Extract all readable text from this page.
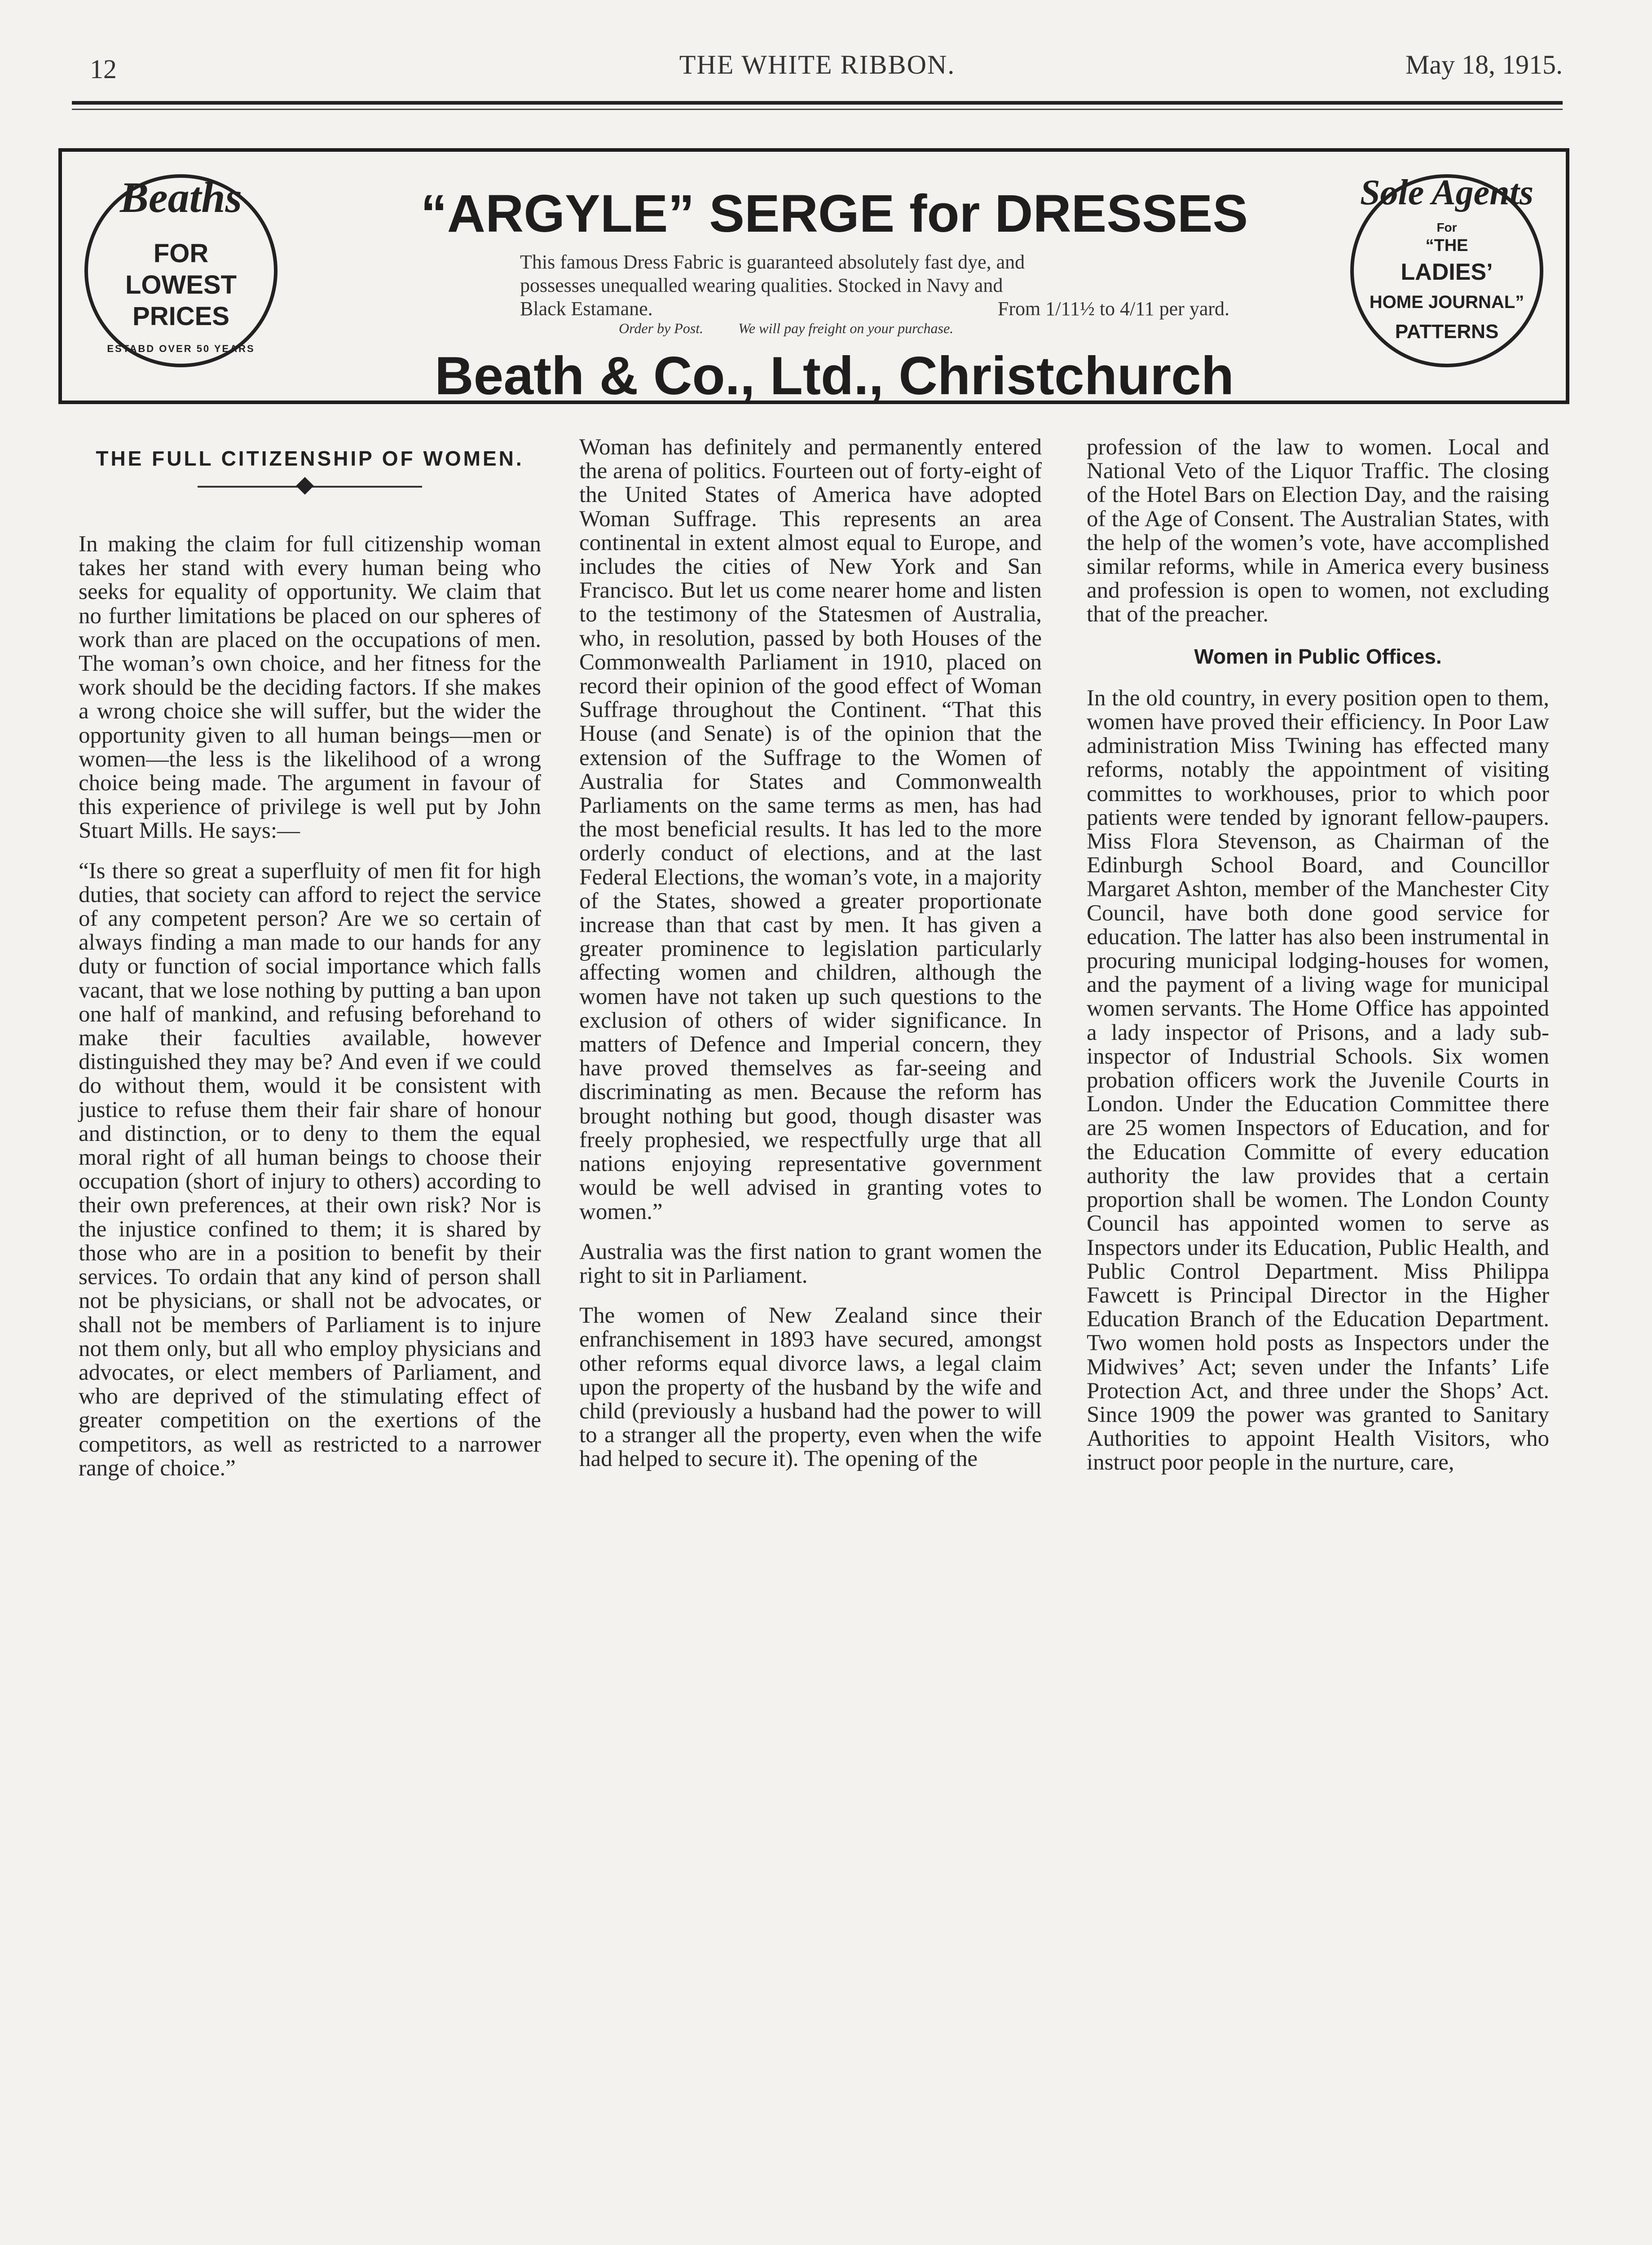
12	THE WHITE RIBBON.	May 18, 1915.
Beaths
FOR
LOWEST
PRICES
ESTABD OVER 50 YEARS
“ARGYLE” SERGE for DRESSES
This famous Dress Fabric is guaranteed absolutely fast dye, and
possesses unequalled wearing qualities. Stocked in Navy and
Black Estamane.	From 1/11½ to 4/11 per yard.
Order by Post. We will pay freight on your purchase.
Beath & Co., Ltd., Christchurch
Sole Agents
For
“THE
LADIES’
HOME JOURNAL”
PATTERNS
THE FULL CITIZENSHIP OF WOMEN.

In making the claim for full citizenship woman takes her stand with every human being who seeks for equality of opportunity. We claim that no further limitations be placed on our spheres of work than are placed on the occupations of men. The woman’s own choice, and her fitness for the work should be the deciding factors. If she makes a wrong choice she will suffer, but the wider the opportunity given to all human beings—men or women—the less is the likelihood of a wrong choice being made. The argument in favour of this experience of privilege is well put by John Stuart Mills. He says:—

“Is there so great a superfluity of men fit for high duties, that society can afford to reject the service of any competent person? Are we so certain of always finding a man made to our hands for any duty or function of social importance which falls vacant, that we lose nothing by putting a ban upon one half of mankind, and refusing beforehand to make their faculties available, however distinguished they may be? And even if we could do without them, would it be consistent with justice to refuse them their fair share of honour and distinction, or to deny to them the equal moral right of all human beings to choose their occupation (short of injury to others) according to their own preferences, at their own risk? Nor is the injustice confined to them; it is shared by those who are in a position to benefit by their services. To ordain that any kind of person shall not be physicians, or shall not be advocates, or shall not be members of Parliament is to injure not them only, but all who employ physicians and advocates, or elect members of Parliament, and who are deprived of the stimulating effect of greater competition on the exertions of the competitors, as well as restricted to a narrower range of choice.”

Woman has definitely and permanently entered the arena of politics. Fourteen out of forty-eight of the United States of America have adopted Woman Suffrage. This represents an area continental in extent almost equal to Europe, and includes the cities of New York and San Francisco. But let us come nearer home and listen to the testimony of the Statesmen of Australia, who, in resolution, passed by both Houses of the Commonwealth Parliament in 1910, placed on record their opinion of the good effect of Woman Suffrage throughout the Continent. “That this House (and Senate) is of the opinion that the extension of the Suffrage to the Women of Australia for States and Commonwealth Parliaments on the same terms as men, has had the most beneficial results. It has led to the more orderly conduct of elections, and at the last Federal Elections, the woman’s vote, in a majority of the States, showed a greater proportionate increase than that cast by men. It has given a greater prominence to legislation particularly affecting women and children, although the women have not taken up such questions to the exclusion of others of wider significance. In matters of Defence and Imperial concern, they have proved themselves as far-seeing and discriminating as men. Because the reform has brought nothing but good, though disaster was freely prophesied, we respectfully urge that all nations enjoying representative government would be well advised in granting votes to women.”

Australia was the first nation to grant women the right to sit in Parliament.

The women of New Zealand since their enfranchisement in 1893 have secured, amongst other reforms equal divorce laws, a legal claim upon the property of the husband by the wife and child (previously a husband had the power to will to a stranger all the property, even when the wife had helped to secure it). The opening of the

profession of the law to women. Local and National Veto of the Liquor Traffic. The closing of the Hotel Bars on Election Day, and the raising of the Age of Consent. The Australian States, with the help of the women’s vote, have accomplished similar reforms, while in America every business and profession is open to women, not excluding that of the preacher.

Women in Public Offices.

In the old country, in every position open to them, women have proved their efficiency. In Poor Law administration Miss Twining has effected many reforms, notably the appointment of visiting committes to workhouses, prior to which poor patients were tended by ignorant fellow-paupers. Miss Flora Stevenson, as Chairman of the Edinburgh School Board, and Councillor Margaret Ashton, member of the Manchester City Council, have both done good service for education. The latter has also been instrumental in procuring municipal lodging-houses for women, and the payment of a living wage for municipal women servants. The Home Office has appointed a lady inspector of Prisons, and a lady sub-inspector of Industrial Schools. Six women probation officers work the Juvenile Courts in London. Under the Education Committee there are 25 women Inspectors of Education, and for the Education Committe of every education authority the law provides that a certain proportion shall be women. The London County Council has appointed women to serve as Inspectors under its Education, Public Health, and Public Control Department. Miss Philippa Fawcett is Principal Director in the Higher Education Branch of the Education Department. Two women hold posts as Inspectors under the Midwives’ Act; seven under the Infants’ Life Protection Act, and three under the Shops’ Act. Since 1909 the power was granted to Sanitary Authorities to appoint Health Visitors, who instruct poor people in the nurture, care,
